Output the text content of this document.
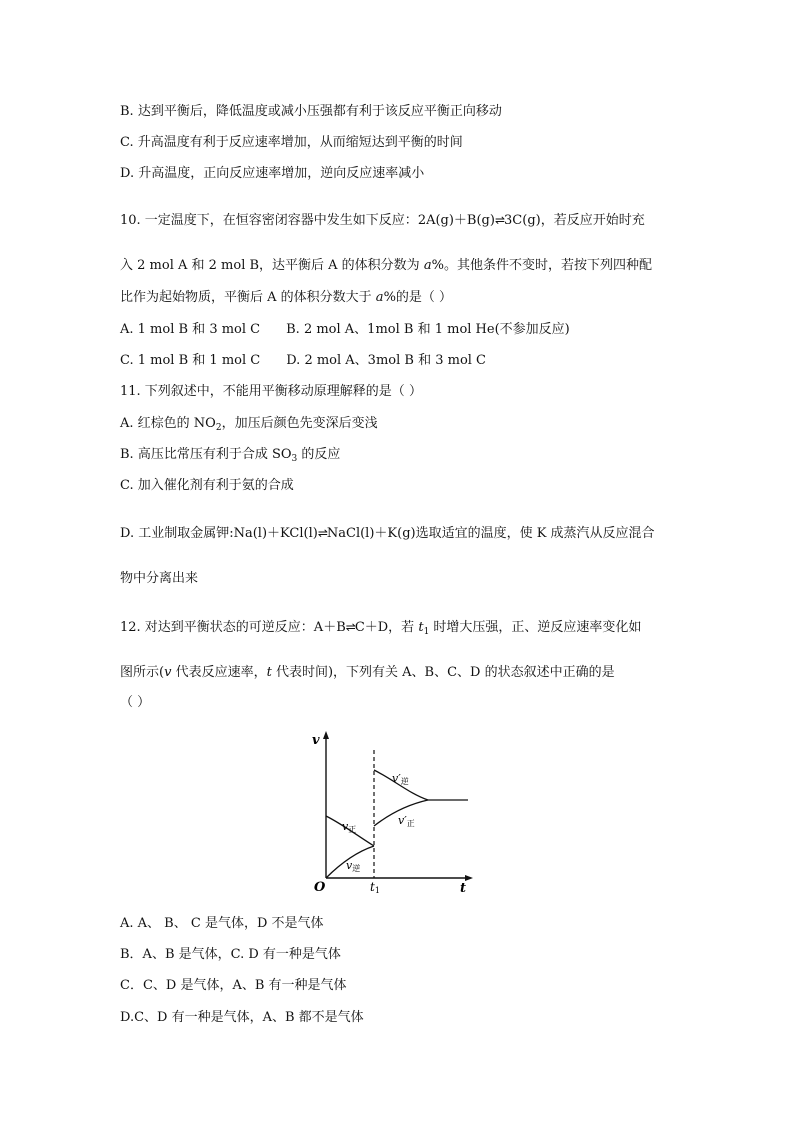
B. 达到平衡后，降低温度或减小压强都有利于该反应平衡正向移动
C. 升高温度有利于反应速率增加，从而缩短达到平衡的时间
D. 升高温度，正向反应速率增加，逆向反应速率减小
10. 一定温度下，在恒容密闭容器中发生如下反应：2A(g)＋B(g)⇌3C(g)，若反应开始时充
入 2 mol A 和 2 mol B，达平衡后 A 的体积分数为 a%。其他条件不变时，若按下列四种配
比作为起始物质，平衡后 A 的体积分数大于 a%的是（ ）
A. 1 mol B 和 3 mol C B. 2 mol A、1mol B 和 1 mol He(不参加反应)
C. 1 mol B 和 1 mol C D. 2 mol A、3mol B 和 3 mol C
11. 下列叙述中，不能用平衡移动原理解释的是（ ）
A. 红棕色的 $NO_2$，加压后颜色先变深后变浅
B. 高压比常压有利于合成 $SO_3$ 的反应
C. 加入催化剂有利于氨的合成
D. 工业制取金属钾:Na(l)＋KCl(l)⇌NaCl(l)＋K(g)选取适宜的温度，使 K 成蒸汽从反应混合
物中分离出来
12. 对达到平衡状态的可逆反应：A＋B⇌C＋D，若 $t_1$ 时增大压强，正、逆反应速率变化如
图所示(v 代表反应速率，t 代表时间)，下列有关 A、B、C、D 的状态叙述中正确的是
（ ）
v
t
O	t1
v正
v逆
v′逆
v′正
A. A、 B、 C 是气体，D 不是气体
B．A、B 是气体，C. D 有一种是气体
C．C、D 是气体，A、B 有一种是气体
D.C、D 有一种是气体，A、B 都不是气体
